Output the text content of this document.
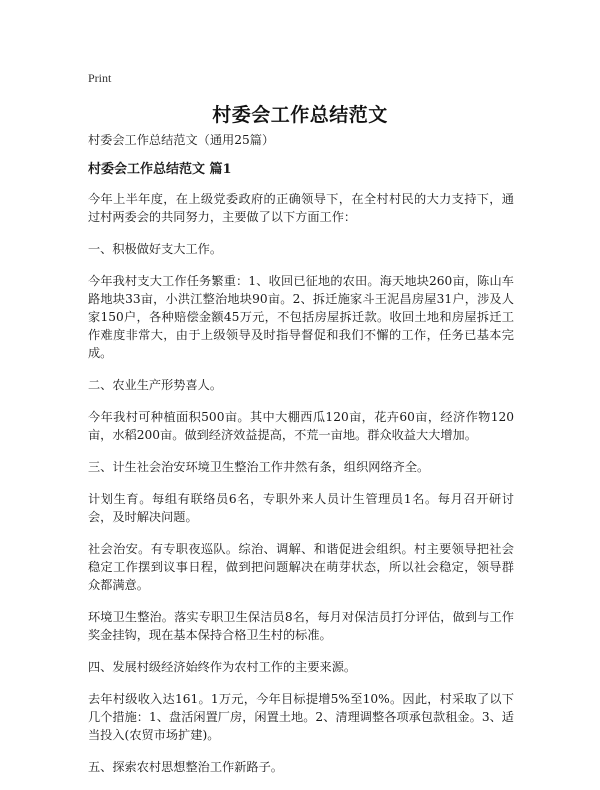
Print
村委会工作总结范文

村委会工作总结范文（通用25篇）

村委会工作总结范文 篇1

今年上半年度，在上级党委政府的正确领导下，在全村村民的大力支持下，通过村两委会的共同努力，主要做了以下方面工作：

一、积极做好支大工作。

今年我村支大工作任务繁重：1、收回已征地的农田。海天地块260亩，陈山车路地块33亩，小洪江整治地块90亩。2、拆迁施家斗王泥昌房屋31户，涉及人家150户，各种赔偿金额45万元，不包括房屋拆迁款。收回土地和房屋拆迁工作难度非常大，由于上级领导及时指导督促和我们不懈的工作，任务已基本完成。

二、农业生产形势喜人。

今年我村可种植面积500亩。其中大棚西瓜120亩，花卉60亩，经济作物120亩，水稻200亩。做到经济效益提高，不荒一亩地。群众收益大大增加。

三、计生社会治安环境卫生整治工作井然有条，组织网络齐全。

计划生育。每组有联络员6名，专职外来人员计生管理员1名。每月召开研讨会，及时解决问题。

社会治安。有专职夜巡队。综治、调解、和谐促进会组织。村主要领导把社会稳定工作摆到议事日程，做到把问题解决在萌芽状态，所以社会稳定，领导群众都满意。

环境卫生整治。落实专职卫生保洁员8名，每月对保洁员打分评估，做到与工作奖金挂钩，现在基本保持合格卫生村的标准。

四、发展村级经济始终作为农村工作的主要来源。

去年村级收入达161。1万元，今年目标提增5%至10%。因此，村采取了以下几个措施：1、盘活闲置厂房，闲置土地。2、清理调整各项承包款租金。3、适当投入(农贸市场扩建)。

五、探索农村思想整治工作新路子。
